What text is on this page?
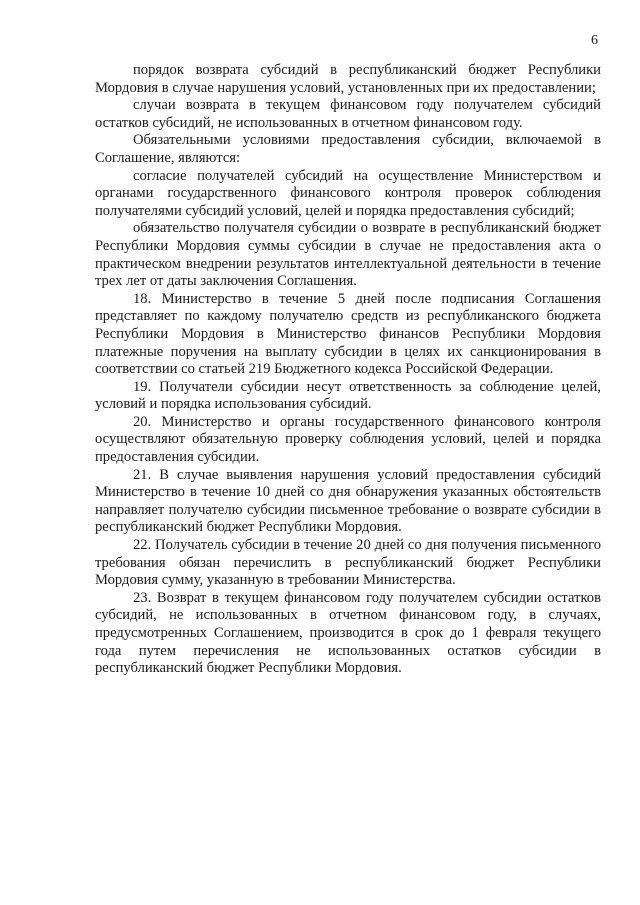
6

порядок возврата субсидий в республиканский бюджет Республики Мордовия в случае нарушения условий, установленных при их предоставлении;

случаи возврата в текущем финансовом году получателем субсидий остатков субсидий, не использованных в отчетном финансовом году.

Обязательными условиями предоставления субсидии, включаемой в Соглашение, являются:

согласие получателей субсидий на осуществление Министерством и органами государственного финансового контроля проверок соблюдения получателями субсидий условий, целей и порядка предоставления субсидий;

обязательство получателя субсидии о возврате в республиканский бюджет Республики Мордовия суммы субсидии в случае не предоставления акта о практическом внедрении результатов интеллектуальной деятельности в течение трех лет от даты заключения Соглашения.

18. Министерство в течение 5 дней после подписания Соглашения представляет по каждому получателю средств из республиканского бюджета Республики Мордовия в Министерство финансов Республики Мордовия платежные поручения на выплату субсидии в целях их санкционирования в соответствии со статьей 219 Бюджетного кодекса Российской Федерации.

19. Получатели субсидии несут ответственность за соблюдение целей, условий и порядка использования субсидий.

20. Министерство и органы государственного финансового контроля осуществляют обязательную проверку соблюдения условий, целей и порядка предоставления субсидии.

21. В случае выявления нарушения условий предоставления субсидий Министерство в течение 10 дней со дня обнаружения указанных обстоятельств направляет получателю субсидии письменное требование о возврате субсидии в республиканский бюджет Республики Мордовия.

22. Получатель субсидии в течение 20 дней со дня получения письменного требования обязан перечислить в республиканский бюджет Республики Мордовия сумму, указанную в требовании Министерства.

23. Возврат в текущем финансовом году получателем субсидии остатков субсидий, не использованных в отчетном финансовом году, в случаях, предусмотренных Соглашением, производится в срок до 1 февраля текущего года путем перечисления не использованных остатков субсидии в республиканский бюджет Республики Мордовия.
